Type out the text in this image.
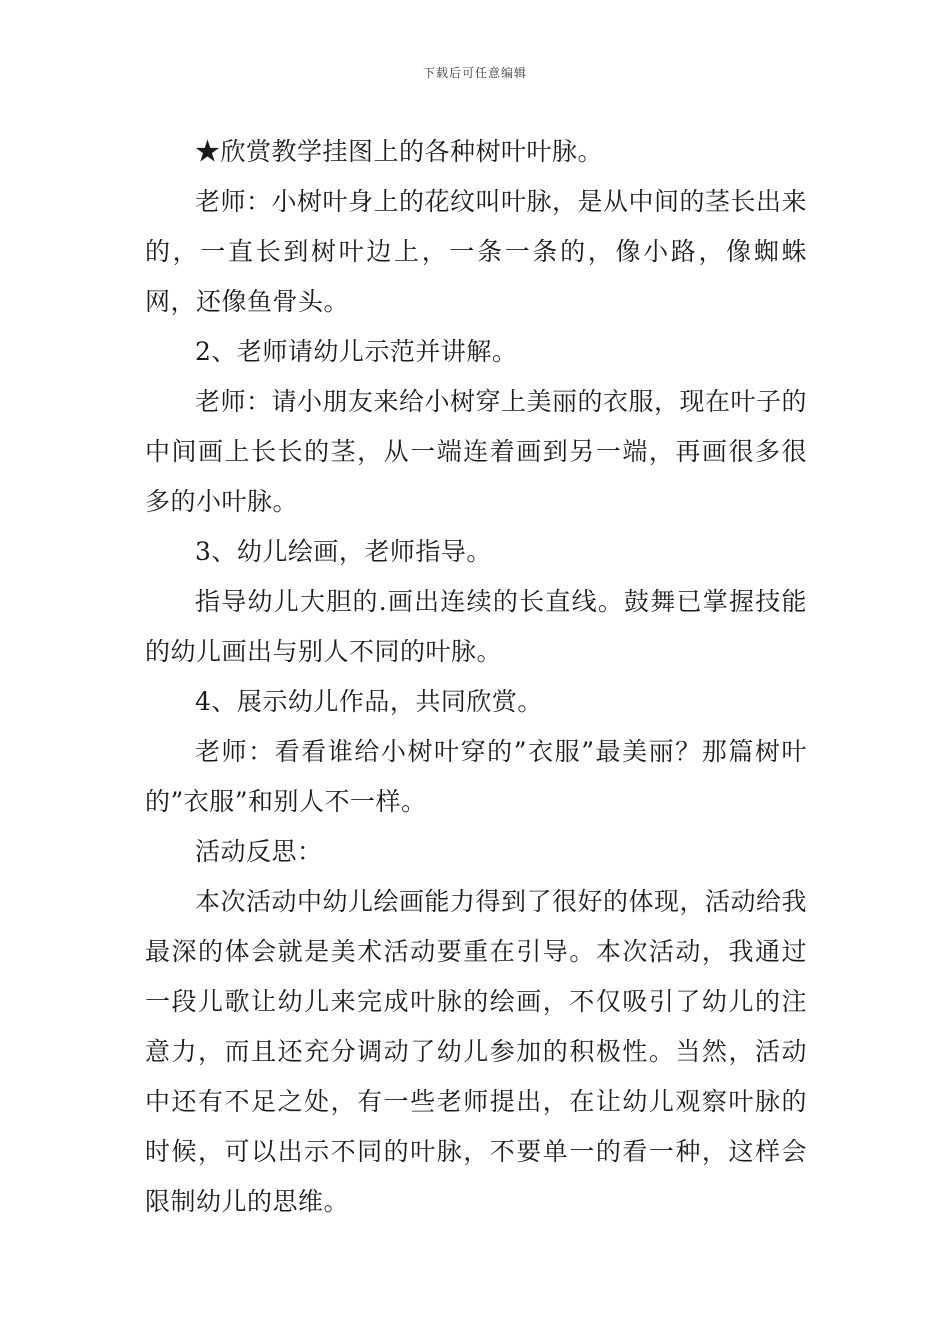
下载后可任意编辑

★欣赏教学挂图上的各种树叶叶脉。

老师：小树叶身上的花纹叫叶脉，是从中间的茎长出来的，一直长到树叶边上，一条一条的，像小路，像蜘蛛网，还像鱼骨头。

2、老师请幼儿示范并讲解。

老师：请小朋友来给小树穿上美丽的衣服，现在叶子的中间画上长长的茎，从一端连着画到另一端，再画很多很多的小叶脉。

3、幼儿绘画，老师指导。

指导幼儿大胆的.画出连续的长直线。鼓舞已掌握技能的幼儿画出与别人不同的叶脉。

4、展示幼儿作品，共同欣赏。

老师：看看谁给小树叶穿的”衣服”最美丽？那篇树叶的”衣服”和别人不一样。

活动反思：

本次活动中幼儿绘画能力得到了很好的体现，活动给我最深的体会就是美术活动要重在引导。本次活动，我通过一段儿歌让幼儿来完成叶脉的绘画，不仅吸引了幼儿的注意力，而且还充分调动了幼儿参加的积极性。当然，活动中还有不足之处，有一些老师提出，在让幼儿观察叶脉的时候，可以出示不同的叶脉，不要单一的看一种，这样会限制幼儿的思维。
